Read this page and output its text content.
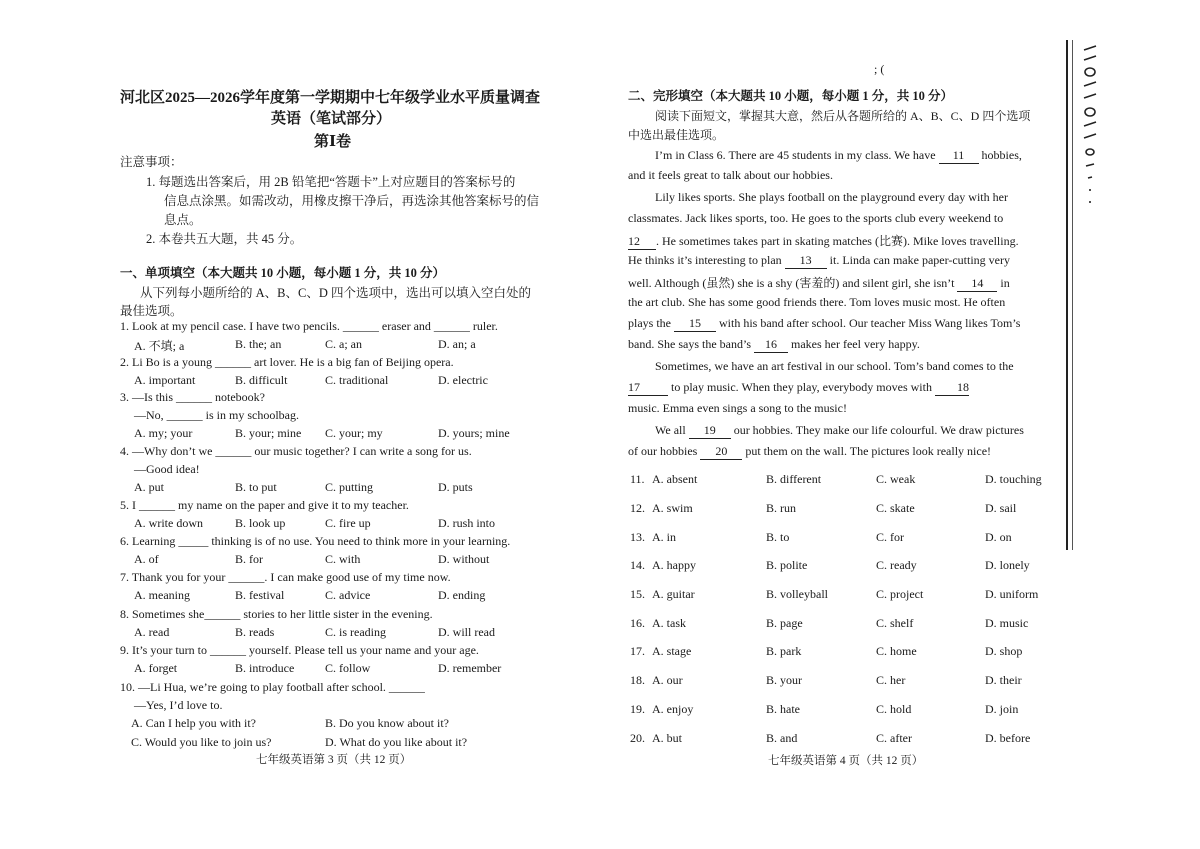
河北区2025—2026学年度第一学期期中七年级学业水平质量调查
英语（笔试部分）
第Ⅰ卷
注意事项：
1. 每题选出答案后，用 2B 铅笔把“答题卡”上对应题目的答案标号的
信息点涂黑。如需改动，用橡皮擦干净后，再选涂其他答案标号的信
息点。
2. 本卷共五大题，共 45 分。
一、单项填空（本大题共 10 小题，每小题 1 分，共 10 分）
从下列每小题所给的 A、B、C、D 四个选项中，选出可以填入空白处的
最佳选项。
1. Look at my pencil case. I have two pencils. ______ eraser and ______ ruler.
A. 不填; a	B. the; an	C. a; an	D. an; a
2. Li Bo is a young ______ art lover. He is a big fan of Beijing opera.
A. important	B. difficult	C. traditional	D. electric
3. —Is this ______ notebook?
—No, ______ is in my schoolbag.
A. my; your	B. your; mine C. your; my	D. yours; mine
4. —Why don’t we ______ our music together? I can write a song for us.
—Good idea!
A. put	B. to put	C. putting	D. puts
5. I ______ my name on the paper and give it to my teacher.
A. write down	B. look up	C. fire up	D. rush into
6. Learning _____ thinking is of no use. You need to think more in your learning.
A. of	B. for	C. with	D. without
7. Thank you for your ______. I can make good use of my time now.
A. meaning	B. festival	C. advice	D. ending
8. Sometimes she______ stories to her little sister in the evening.
A. read	B. reads	C. is reading	D. will read
9. It’s your turn to ______ yourself. Please tell us your name and your age.
A. forget	B. introduce	C. follow	D. remember
10. —Li Hua, we’re going to play football after school. ______
—Yes, I’d love to.
A. Can I help you with it?	B. Do you know about it?
C. Would you like to join us?	D. What do you like about it?
七年级英语第 3 页（共 12 页）
; (
二、完形填空（本大题共 10 小题，每小题 1 分，共 10 分）
阅读下面短文，掌握其大意，然后从各题所给的 A、B、C、D 四个选项
中选出最佳选项。
I’m in Class 6. There are 45 students in my class. We have 11 hobbies,
and it feels great to talk about our hobbies.
Lily likes sports. She plays football on the playground every day with her
classmates. Jack likes sports, too. He goes to the sports club every weekend to
12 . He sometimes takes part in skating matches (比赛). Mike loves travelling.
He thinks it’s interesting to plan 13 it. Linda can make paper-cutting very
well. Although (虽然) she is a shy (害羞的) and silent girl, she isn’t 14 in
the art club. She has some good friends there. Tom loves music most. He often
plays the 15 with his band after school. Our teacher Miss Wang likes Tom’s
band. She says the band’s 16 makes her feel very happy.
Sometimes, we have an art festival in our school. Tom’s band comes to the
17	to play music. When they play, everybody moves with 18
music. Emma even sings a song to the music!
We all 19 our hobbies. They make our life colourful. We draw pictures
of our hobbies 20 put them on the wall. The pictures look really nice!
11. A. absent	B. different	C. weak	D. touching
12. A. swim	B. run	C. skate	D. sail
13. A. in	B. to	C. for	D. on
14. A. happy	B. polite	C. ready	D. lonely
15. A. guitar	B. volleyball	C. project	D. uniform
16. A. task	B. page	C. shelf	D. music
17. A. stage	B. park	C. home	D. shop
18. A. our	B. your	C. her	D. their
19. A. enjoy	B. hate	C. hold	D. join
20. A. but	B. and	C. after	D. before
七年级英语第 4 页（共 12 页）
